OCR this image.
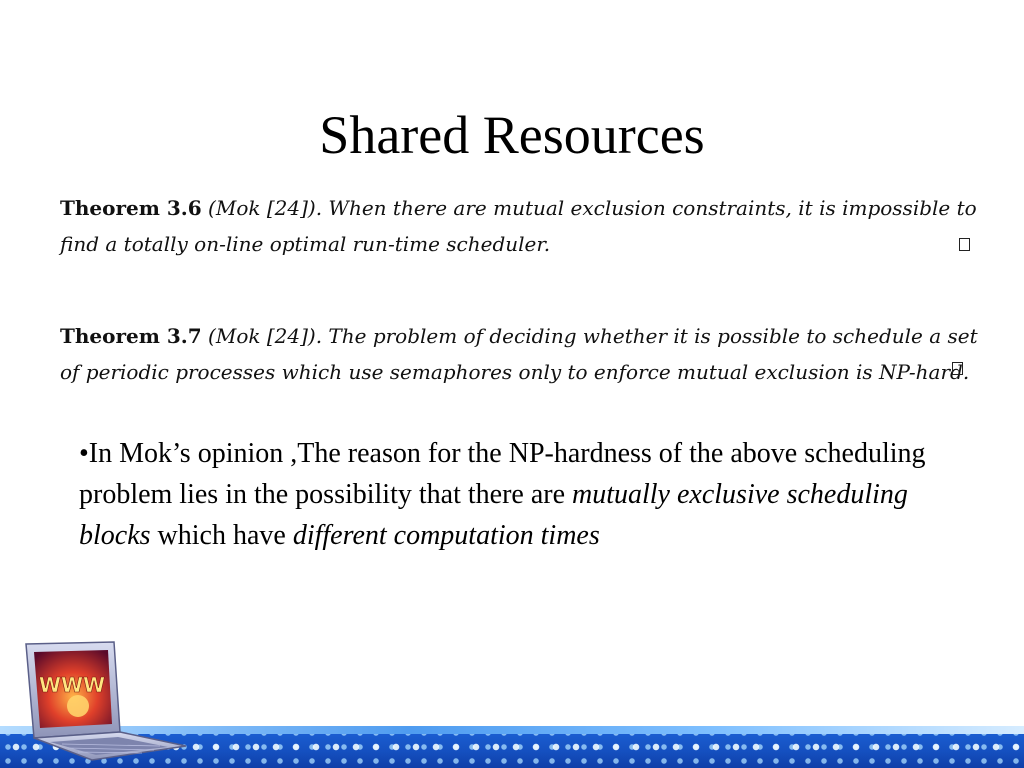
Shared Resources
Theorem 3.6 (Mok [24]). When there are mutual exclusion constraints, it is impossible to find a totally on-line optimal run-time scheduler.
Theorem 3.7 (Mok [24]). The problem of deciding whether it is possible to schedule a set of periodic processes which use semaphores only to enforce mutual exclusion is NP-hard.
•In Mok’s opinion ,The reason for the NP-hardness of the above scheduling problem lies in the possibility that there are mutually exclusive scheduling blocks which have different computation times
WWW
